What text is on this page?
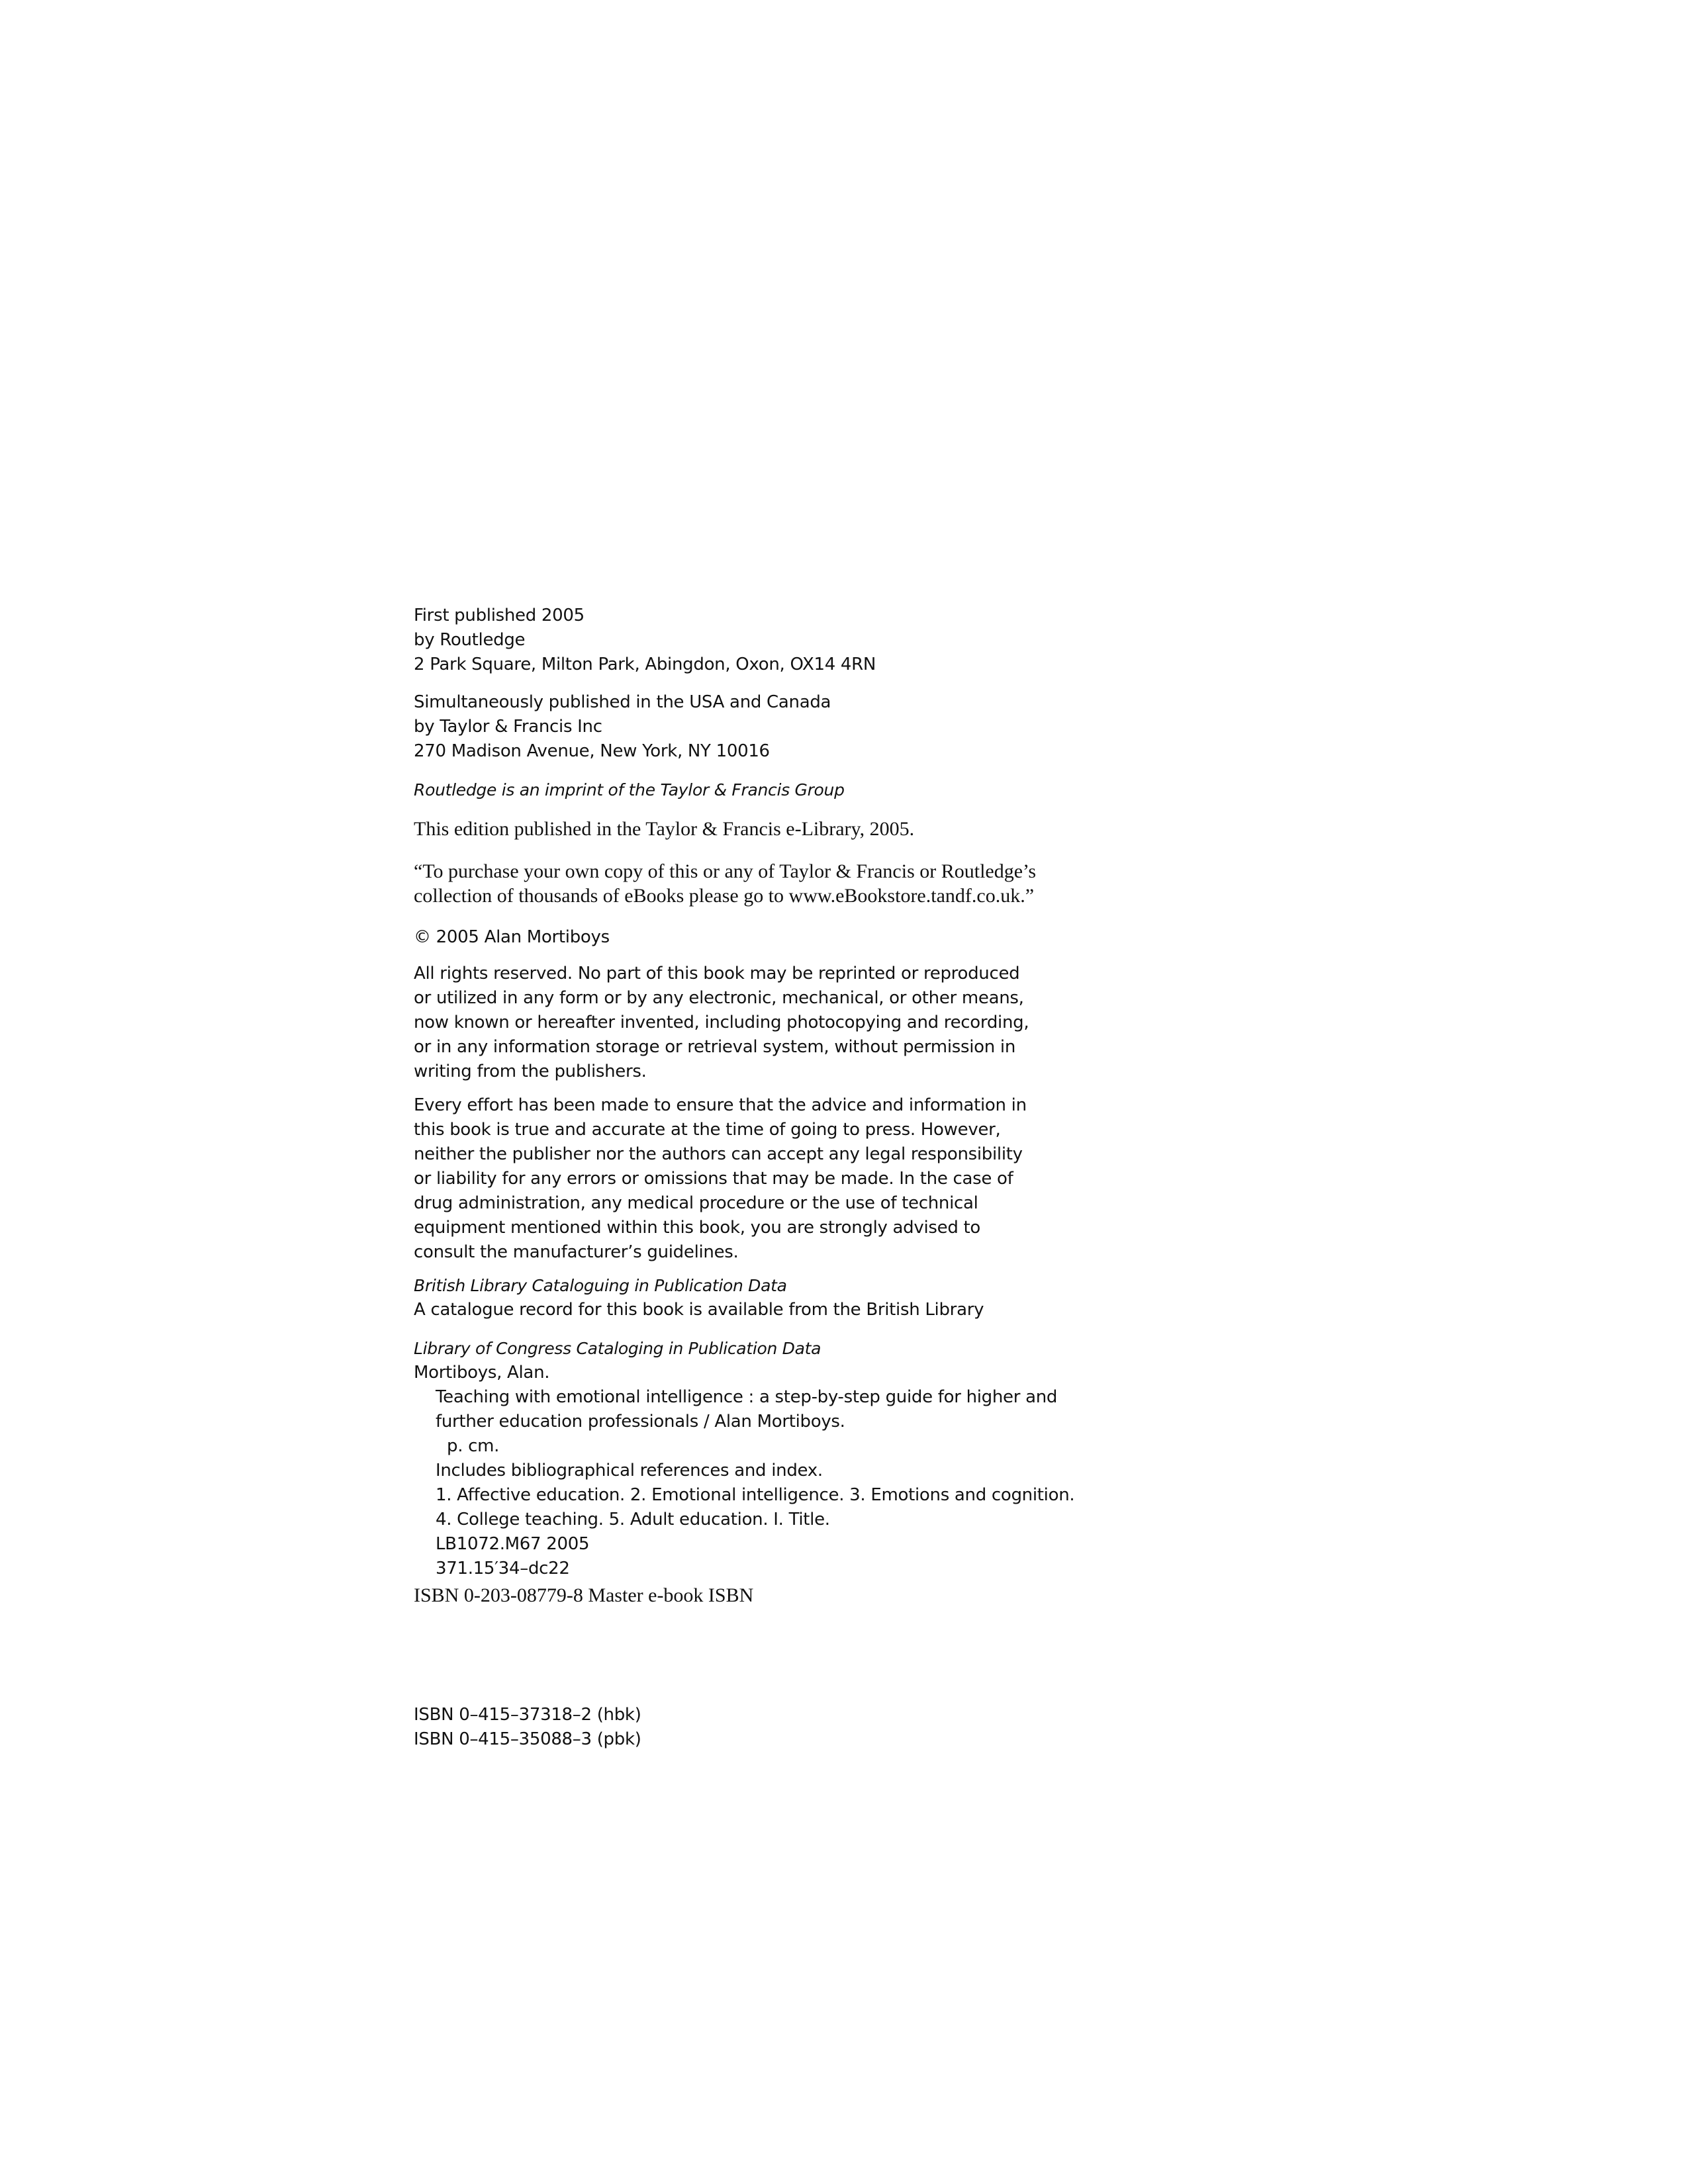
First published 2005
by Routledge
2 Park Square, Milton Park, Abingdon, Oxon, OX14 4RN
Simultaneously published in the USA and Canada
by Taylor & Francis Inc
270 Madison Avenue, New York, NY 10016
Routledge is an imprint of the Taylor & Francis Group
This edition published in the Taylor & Francis e-Library, 2005.
“To purchase your own copy of this or any of Taylor & Francis or Routledge’s
collection of thousands of eBooks please go to www.eBookstore.tandf.co.uk.”
© 2005 Alan Mortiboys
All rights reserved. No part of this book may be reprinted or reproduced
or utilized in any form or by any electronic, mechanical, or other means,
now known or hereafter invented, including photocopying and recording,
or in any information storage or retrieval system, without permission in
writing from the publishers.
Every effort has been made to ensure that the advice and information in
this book is true and accurate at the time of going to press. However,
neither the publisher nor the authors can accept any legal responsibility
or liability for any errors or omissions that may be made. In the case of
drug administration, any medical procedure or the use of technical
equipment mentioned within this book, you are strongly advised to
consult the manufacturer’s guidelines.
British Library Cataloguing in Publication Data
A catalogue record for this book is available from the British Library
Library of Congress Cataloging in Publication Data
Mortiboys, Alan.
Teaching with emotional intelligence : a step-by-step guide for higher and
further education professionals / Alan Mortiboys.
p. cm.
Includes bibliographical references and index.
1. Affective education. 2. Emotional intelligence. 3. Emotions and cognition.
4. College teaching. 5. Adult education. I. Title.
LB1072.M67 2005
371.15′34–dc22
ISBN 0-203-08779-8 Master e-book ISBN
ISBN 0–415–37318–2 (hbk)
ISBN 0–415–35088–3 (pbk)
